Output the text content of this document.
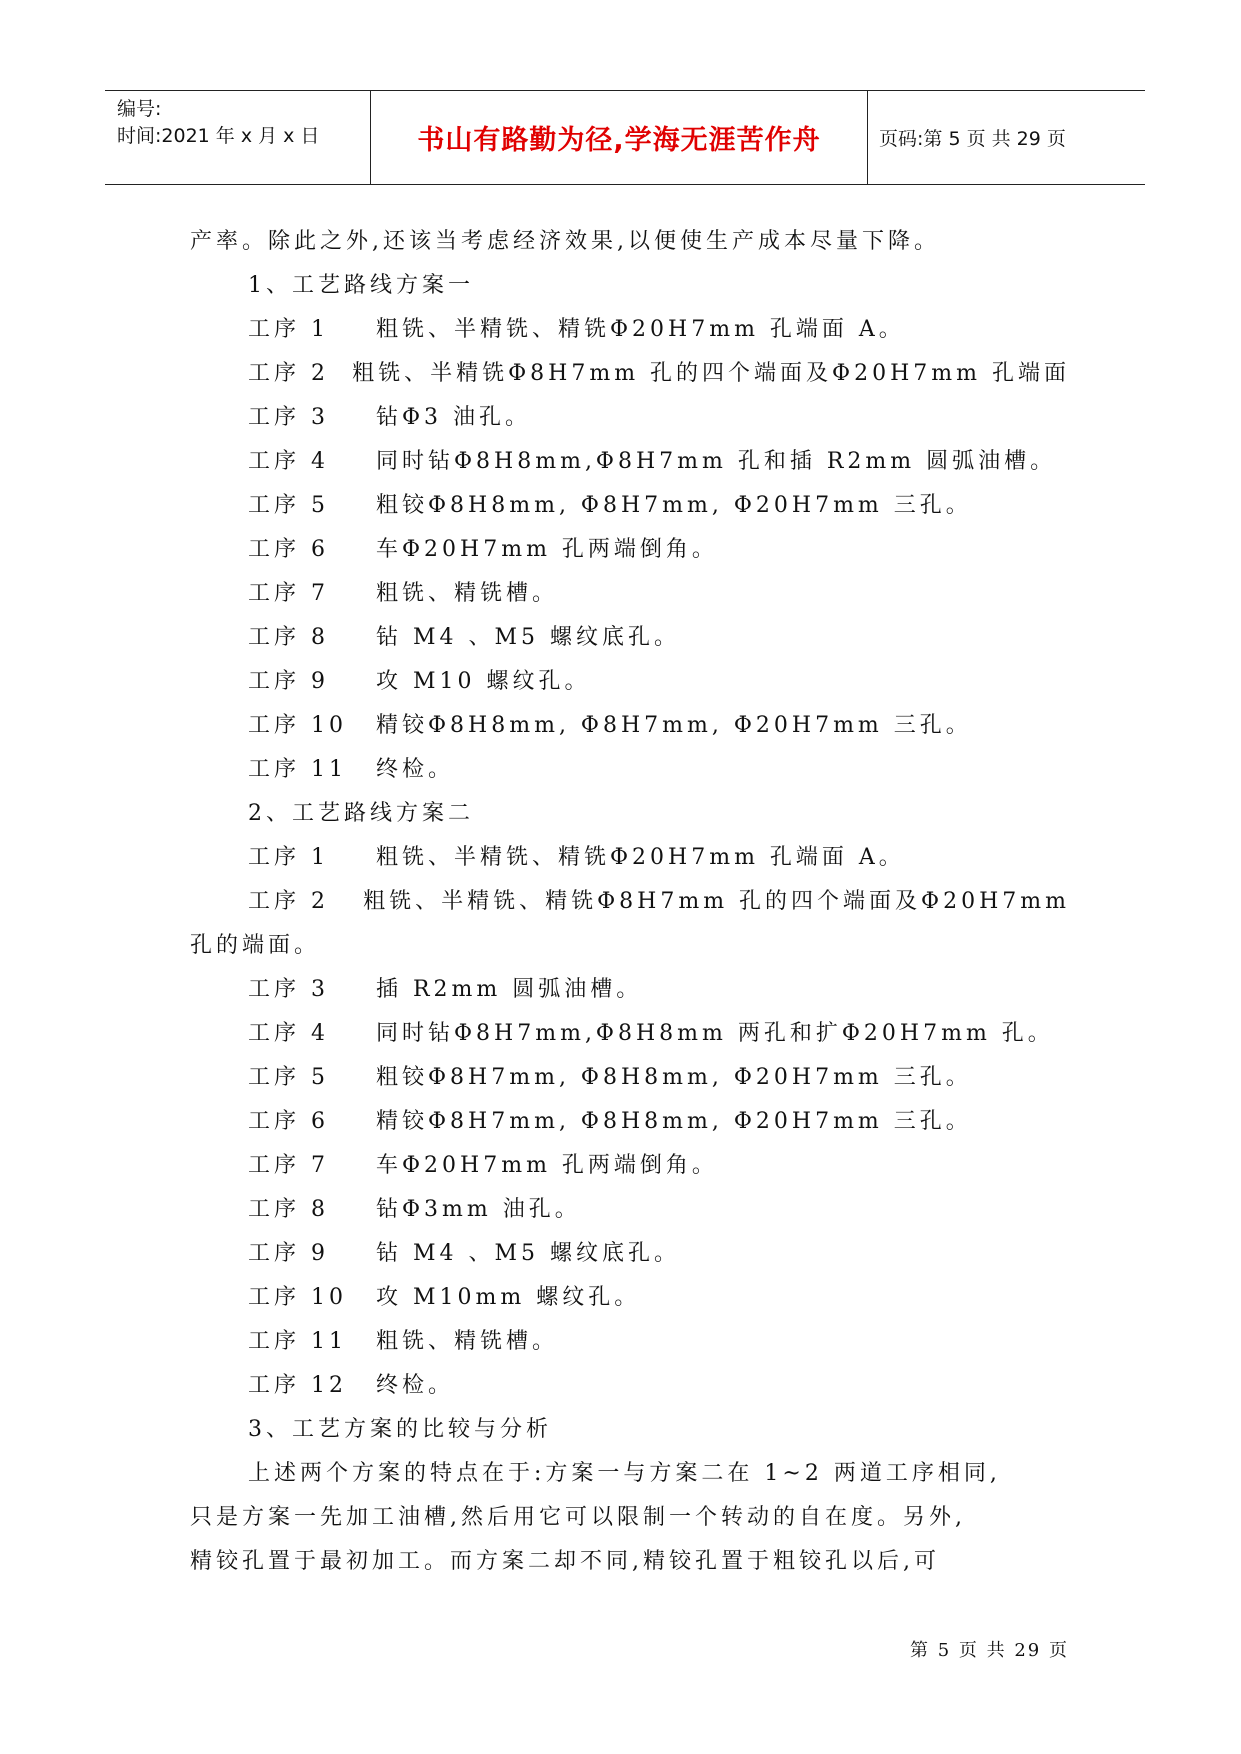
编号:
时间:2021 年 x 月 x 日	书山有路勤为径,学海无涯苦作舟	页码:第 5 页 共 29 页
产率。除此之外,还该当考虑经济效果,以便使生产成本尽量下降。
1、工艺路线方案一
工序 1	粗铣、半精铣、精铣Φ20H7mm 孔端面 A。
工序 2	粗铣、半精铣Φ8H7mm 孔的四个端面及Φ20H7mm 孔端面
工序 3	钻Φ3 油孔。
工序 4	同时钻Φ8H8mm,Φ8H7mm 孔和插 R2mm 圆弧油槽。
工序 5	粗铰Φ8H8mm, Φ8H7mm, Φ20H7mm 三孔。
工序 6	车Φ20H7mm 孔两端倒角。
工序 7	粗铣、精铣槽。
工序 8	钻 M4 、M5 螺纹底孔。
工序 9	攻 M10 螺纹孔。
工序 10	精铰Φ8H8mm, Φ8H7mm, Φ20H7mm 三孔。
工序 11	终检。
2、工艺路线方案二
工序 1	粗铣、半精铣、精铣Φ20H7mm 孔端面 A。
工序 2	粗铣、半精铣、精铣Φ8H7mm 孔的四个端面及Φ20H7mm
孔的端面。
工序 3	插 R2mm 圆弧油槽。
工序 4	同时钻Φ8H7mm,Φ8H8mm 两孔和扩Φ20H7mm 孔。
工序 5	粗铰Φ8H7mm, Φ8H8mm, Φ20H7mm 三孔。
工序 6	精铰Φ8H7mm, Φ8H8mm, Φ20H7mm 三孔。
工序 7	车Φ20H7mm 孔两端倒角。
工序 8	钻Φ3mm 油孔。
工序 9	钻 M4 、M5 螺纹底孔。
工序 10	攻 M10mm 螺纹孔。
工序 11	粗铣、精铣槽。
工序 12	终检。
3、工艺方案的比较与分析
上述两个方案的特点在于:方案一与方案二在 1~2 两道工序相同,
只是方案一先加工油槽,然后用它可以限制一个转动的自在度。另外,
精铰孔置于最初加工。而方案二却不同,精铰孔置于粗铰孔以后,可
第 5 页 共 29 页
